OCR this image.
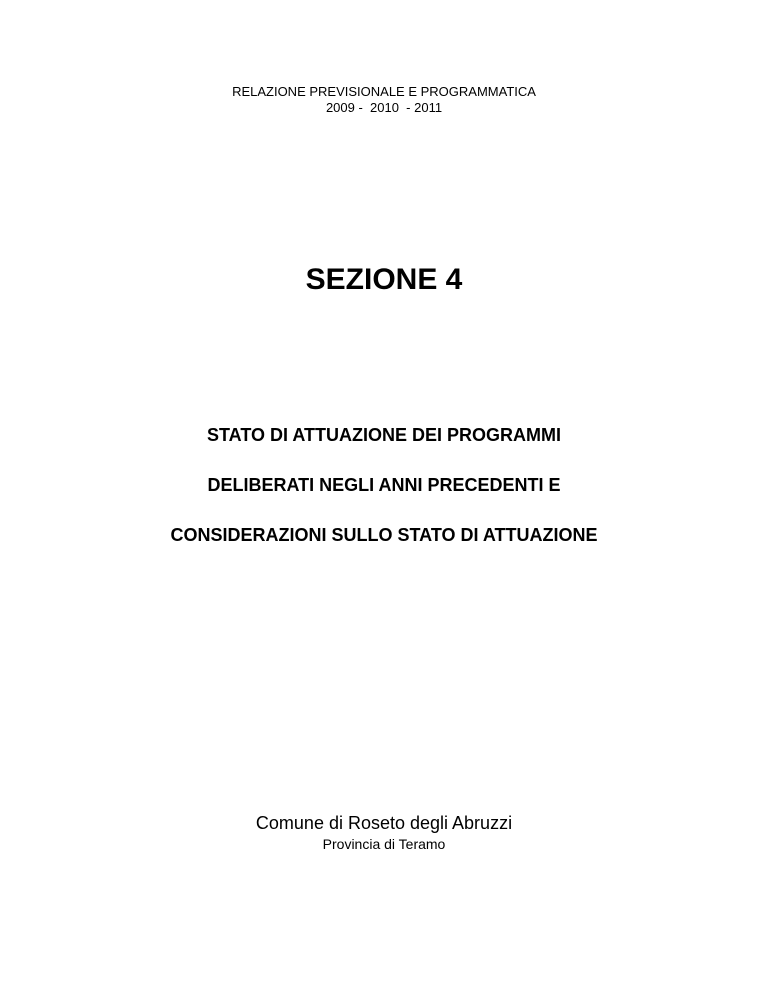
RELAZIONE PREVISIONALE E PROGRAMMATICA
2009 -  2010  - 2011
SEZIONE 4
STATO DI ATTUAZIONE DEI PROGRAMMI
DELIBERATI NEGLI ANNI PRECEDENTI E
CONSIDERAZIONI SULLO STATO DI ATTUAZIONE
Comune di Roseto degli Abruzzi
Provincia di Teramo
